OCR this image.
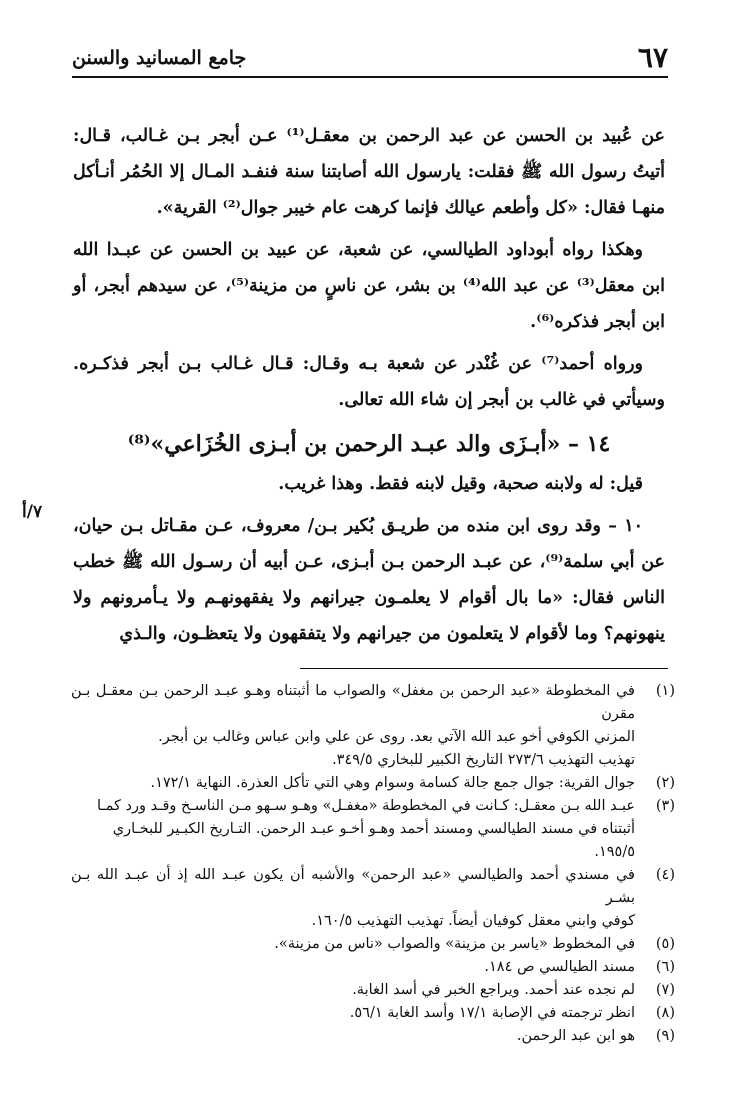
٦٧
جامع المسانيد والسنن
٧/أ

عن عُبيد بن الحسن عن عبد الرحمن بن معقـل⁽¹⁾ عـن أبجر بـن غـالب، قـال: أتيتُ رسول الله ﷺ فقلت: يارسول الله أصابتنا سنة فنفـد المـال إلا الحُمُر أنـأكل منهـا فقال: «كل وأطعم عيالك فإنما كرهت عام خيبر جوال⁽²⁾ القرية».

وهكذا رواه أبوداود الطيالسي، عن شعبة، عن عبيد بن الحسن عن عبـدا الله ابن معقل⁽³⁾ عن عبد الله⁽⁴⁾ بن بشر، عن ناسٍ من مزينة⁽⁵⁾، عن سيدهم أبجر، أو ابن أبجر فذكره⁽⁶⁾.

ورواه أحمد⁽⁷⁾ عن غُنْدر عن شعبة بـه وقـال: قـال غـالب بـن أبجر فذكـره. وسيأتي في غالب بن أبجر إن شاء الله تعالى.

١٤ – «أبـزَى والد عبـد الرحمن بن أبـزى الخُزَاعي»⁽⁸⁾

قيل: له ولابنه صحبة، وقيل لابنه فقط. وهذا غريب.

١٠ – وقد روى ابن منده من طريـق بُكير بـن/ معروف، عـن مقـاتل بـن حيان، عن أبي سلمة⁽⁹⁾، عن عبـد الرحمن بـن أبـزى، عـن أبيه أن رسـول الله ﷺ خطب الناس فقال: «ما بال أقوام لا يعلمـون جيرانهم ولا يفقهونهـم ولا يـأمرونهم ولا ينهونهم؟ وما لأقوام لا يتعلمون من جيرانهم ولا يتفقهون ولا يتعظـون، والـذي

(١)
في المخطوطة «عبد الرحمن بن مغفل» والصواب ما أثبتناه وهـو عبـد الرحمن بـن معقـل بـن مقرن
المزني الكوفي أخو عبد الله الآتي بعد. روى عن علي وابن عباس وغالب بن أبجر.
تهذيب التهذيب ٢٧٣/٦ التاريخ الكبير للبخاري ٣٤٩/٥.
(٢)
جوال القرية: جوال جمع جالة كسامة وسوام وهي التي تأكل العذرة. النهاية ١٧٢/١.
(٣)
عبـد الله بـن معقـل: كـانت في المخطوطة «مغفـل» وهـو سـهو مـن الناسـخ وقـد ورد كمـا
أثبتناه في مسند الطيالسي ومسند أحمد وهـو أخـو عبـد الرحمن. التـاريخ الكبـير للبخـاري
١٩٥/٥.
(٤)
في مسندي أحمد والطيالسي «عبد الرحمن» والأشبه أن يكون عبـد الله إذ أن عبـد الله بـن بشـر
كوفي وابني معقل كوفيان أيضاً. تهذيب التهذيب ١٦٠/٥.
(٥)
في المخطوط «ياسر بن مزينة» والصواب «ناس من مزينة».
(٦)
مسند الطيالسي ص ١٨٤.
(٧)
لم نجده عند أحمد. ويراجع الخبر في أسد الغابة.
(٨)
انظر ترجمته في الإصابة ١٧/١ وأسد الغابة ٥٦/١.
(٩)
هو ابن عبد الرحمن.
